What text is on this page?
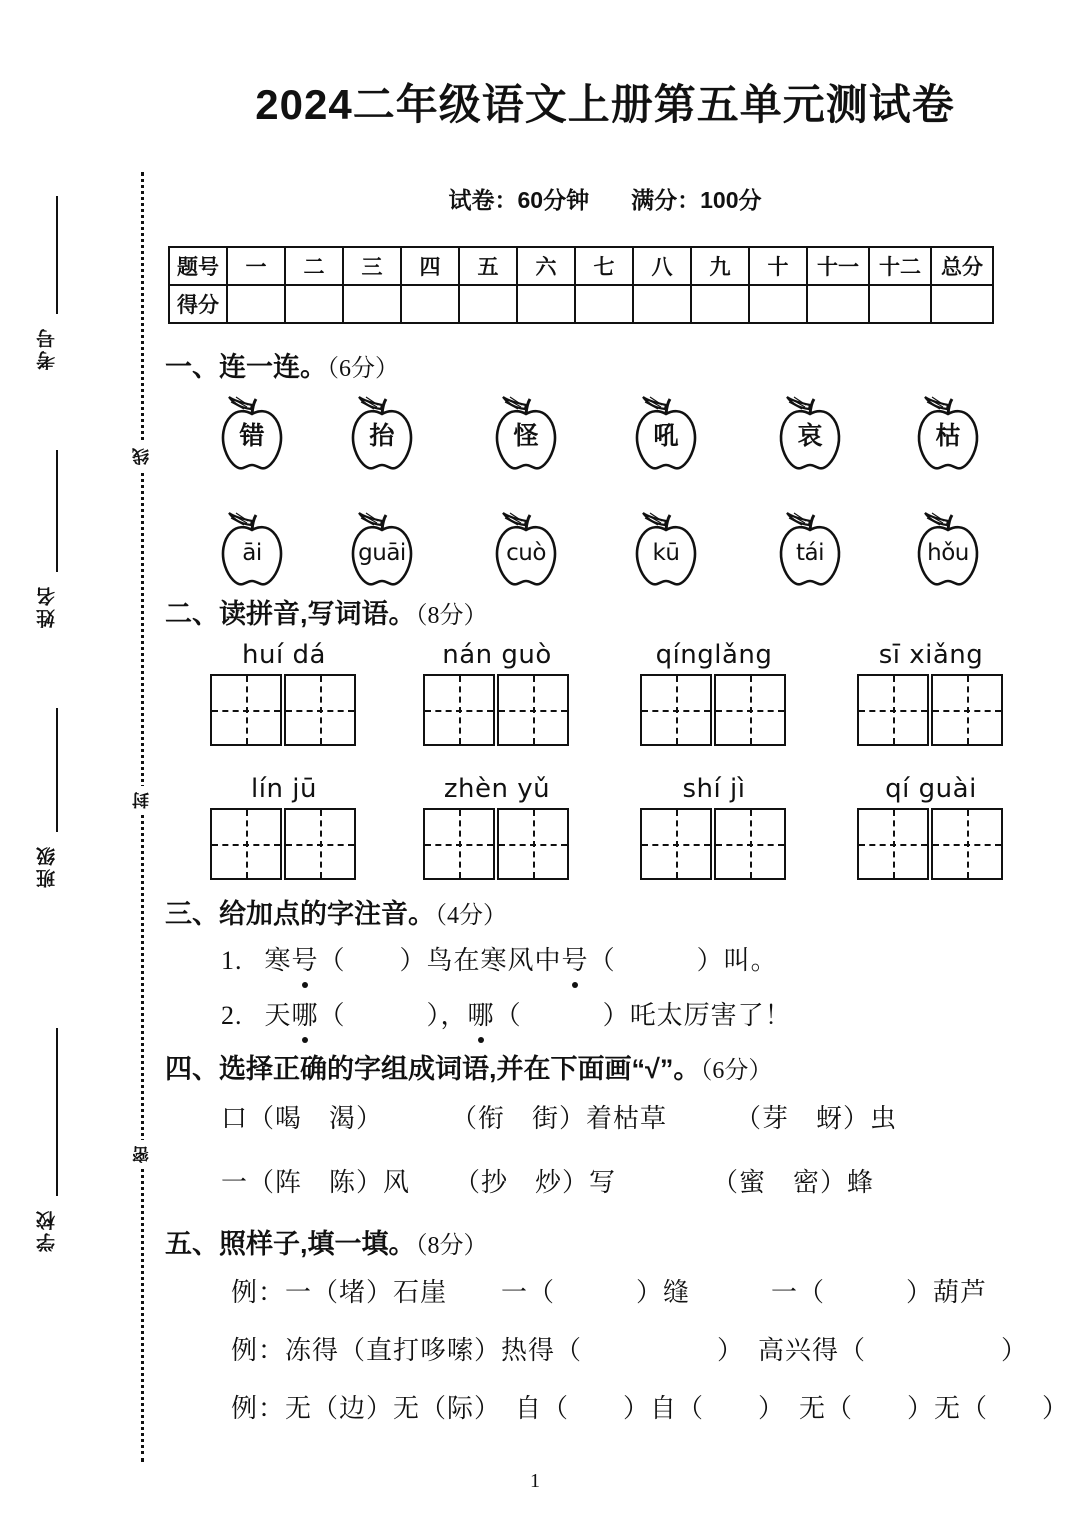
考号
姓名
班级
学校
线
封
密
2024二年级语文上册第五单元测试卷
试卷：60分钟 满分：100分
题号	一	二	三	四	五	六	七	八	九	十	十一	十二	总分
得分													
一、连一连。（6分）
错	抬	怪	吼	哀	枯
āi	guāi	cuò	kū	tái	hǒu
二、读拼音,写词语。（8分）
huí dá	nán guò	qínglǎng	sī xiǎng
lín jū	zhèn yǔ	shí jì	qí guài
三、给加点的字注音。（4分）
1. 寒号（　　）鸟在寒风中号（　　　）叫。
2. 天哪（　　　），哪（　　　）吒太厉害了！
四、选择正确的字组成词语,并在下面画“√”。（6分）
口（喝　渴）	（衔　街）着枯草	（芽　蚜）虫
一（阵　陈）风 （抄　炒）写	（蜜　密）蜂
五、照样子,填一填。（8分）
例：一（堵）石崖　　一（　　　）缝　　　一（　　　）葫芦
例：冻得（直打哆嗦）热得（　　　　　）　高兴得（　　　　　）
例：无（边）无（际）　自（　　）自（　　）　无（　　）无（　　）
1
